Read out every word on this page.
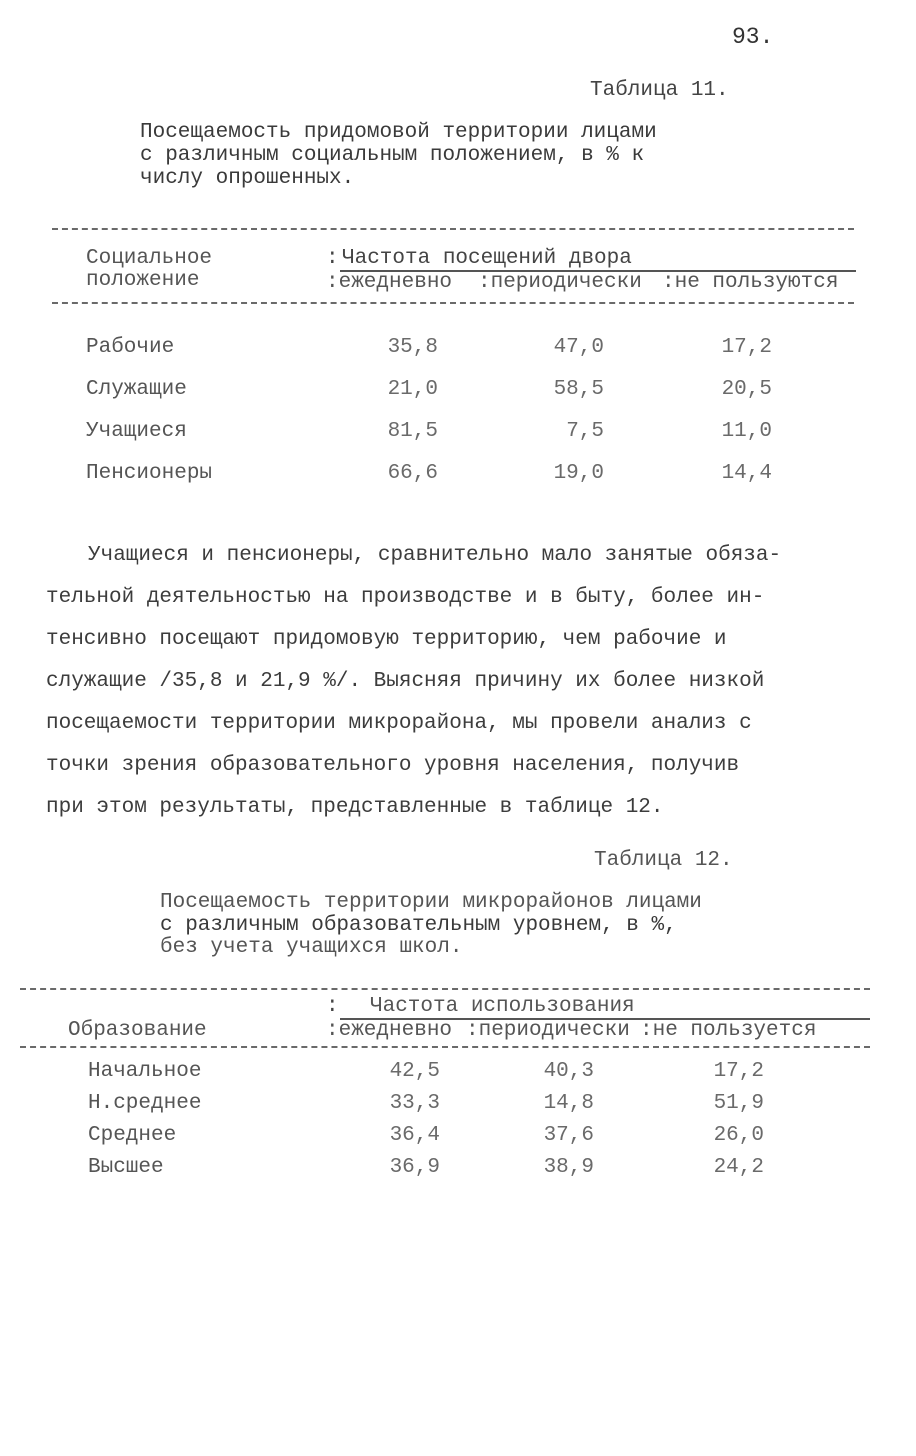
93.
Таблица 11.
Посещаемость придомовой территории лицами
с различным социальным положением, в % к
числу опрошенных.
Социальное
положение
: Частота посещений двора
:ежедневно :периодически :не пользуются
Рабочие	35,8	47,0	17,2
Служащие	21,0	58,5	20,5
Учащиеся	81,5	7,5	11,0
Пенсионеры	66,6	19,0	14,4
Учащиеся и пенсионеры, сравнительно мало занятые обяза-
тельной деятельностью на производстве и в быту, более ин-
тенсивно посещают придомовую территорию, чем рабочие и
служащие /35,8 и 21,9 %/. Выясняя причину их более низкой
посещаемости территории микрорайона, мы провели анализ с
точки зрения образовательного уровня населения, получив
при этом результаты, представленные в таблице 12.
Таблица 12.
Посещаемость территории микрорайонов лицами
с различным образовательным уровнем, в %,
без учета учащихся школ.
: Частота использования
Образование	:ежедневно :периодически :не пользуется
Начальное	42,5	40,3	17,2
Н.среднее	33,3	14,8	51,9
Среднее	36,4	37,6	26,0
Высшее	36,9	38,9	24,2
